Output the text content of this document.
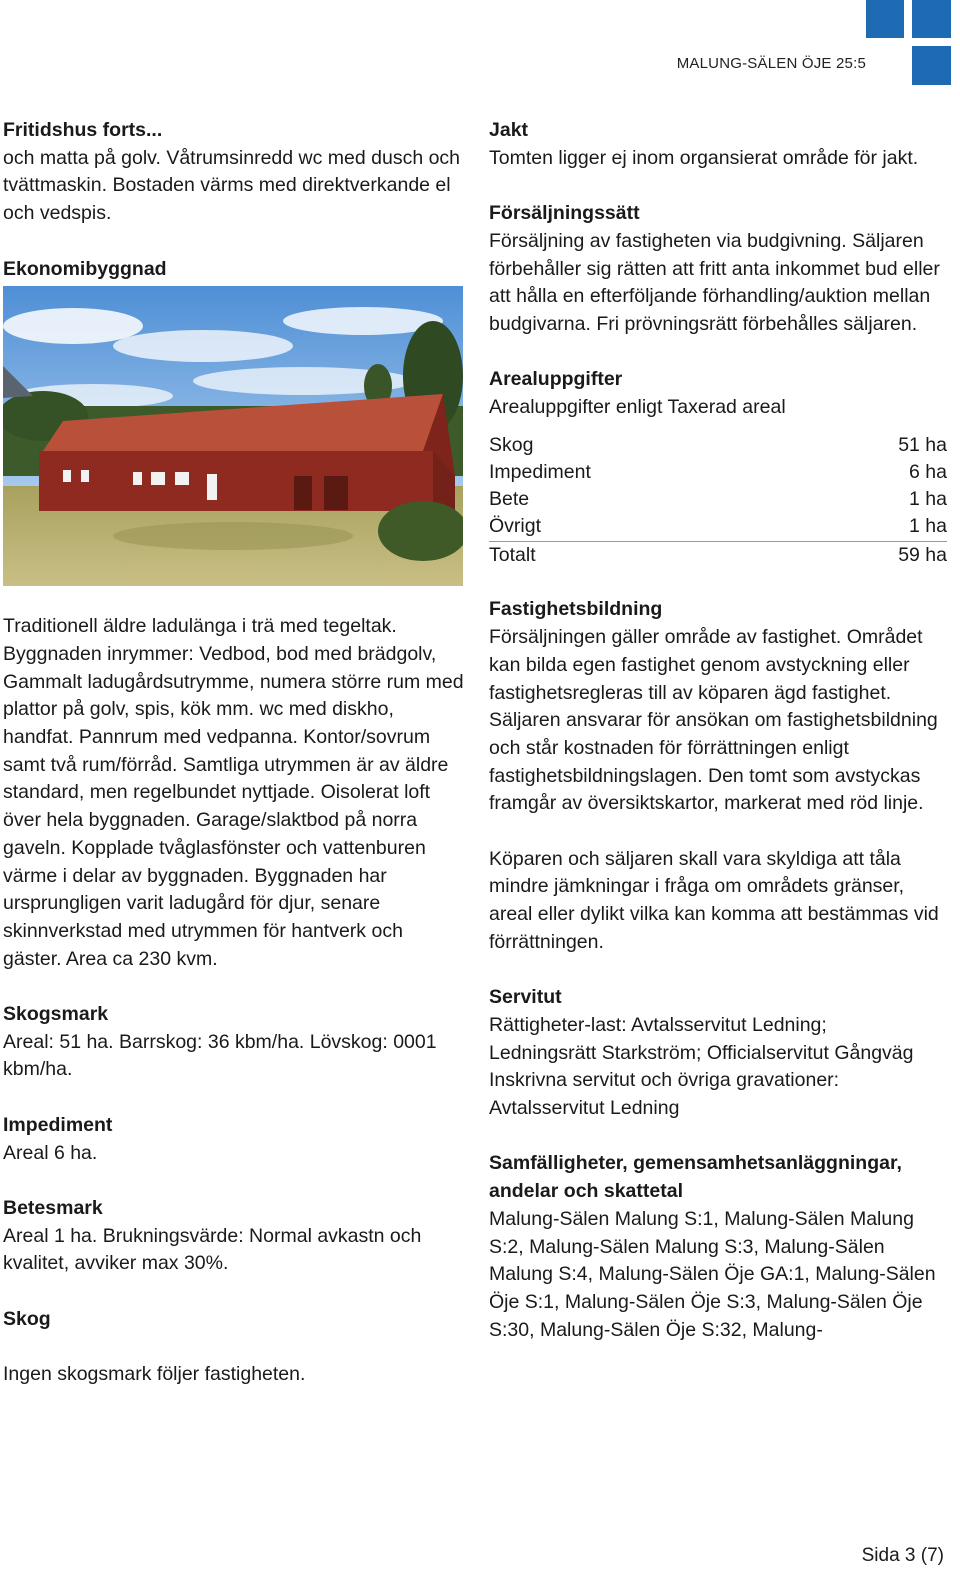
MALUNG-SÄLEN ÖJE 25:5

Fritidshus forts...

och matta på golv. Våtrumsinredd wc med dusch och tvättmaskin. Bostaden värms med direktverkande el och vedspis.

Ekonomibyggnad

Traditionell äldre ladulänga i trä med tegeltak. Byggnaden inrymmer: Vedbod, bod med brädgolv, Gammalt ladugårdsutrymme, numera större rum med plattor på golv, spis, kök mm. wc med diskho, handfat. Pannrum med vedpanna. Kontor/sovrum samt två rum/förråd. Samtliga utrymmen är av äldre standard, men regelbundet nyttjade. Oisolerat loft över hela byggnaden. Garage/slaktbod på norra gaveln. Kopplade tvåglasfönster och vattenburen värme i delar av byggnaden. Byggnaden har ursprungligen varit ladugård för djur, senare skinnverkstad med utrymmen för hantverk och gäster. Area ca 230 kvm.

Skogsmark

Areal: 51 ha. Barrskog: 36 kbm/ha. Lövskog: 0001 kbm/ha.

Impediment

Areal 6 ha.

Betesmark

Areal 1 ha. Brukningsvärde: Normal avkastn och kvalitet, avviker max 30%.

Skog

Ingen skogsmark följer fastigheten.

Jakt

Tomten ligger ej inom organsierat område för jakt.

Försäljningssätt

Försäljning av fastigheten via budgivning. Säljaren förbehåller sig rätten att fritt anta inkommet bud eller att hålla en efterföljande förhandling/auktion mellan budgivarna. Fri prövningsrätt förbehålles säljaren.

Arealuppgifter

Arealuppgifter enligt Taxerad areal

Skog	51 ha
Impediment	6 ha
Bete	1 ha
Övrigt	1 ha
Totalt	59 ha

Fastighetsbildning

Försäljningen gäller område av fastighet. Området kan bilda egen fastighet genom avstyckning eller fastighetsregleras till av köparen ägd fastighet. Säljaren ansvarar för ansökan om fastighetsbildning och står kostnaden för förrättningen enligt fastighetsbildningslagen. Den tomt som avstyckas framgår av översiktskartor, markerat med röd linje.

Köparen och säljaren skall vara skyldiga att tåla mindre jämkningar i fråga om områdets gränser, areal eller dylikt vilka kan komma att bestämmas vid förrättningen.

Servitut

Rättigheter-last: Avtalsservitut Ledning;

Ledningsrätt Starkström; Officialservitut Gångväg

Inskrivna servitut och övriga gravationer:

Avtalsservitut Ledning

Samfälligheter, gemensamhetsanläggningar, andelar och skattetal

Malung-Sälen Malung S:1, Malung-Sälen Malung S:2, Malung-Sälen Malung S:3, Malung-Sälen Malung S:4, Malung-Sälen Öje GA:1, Malung-Sälen Öje S:1, Malung-Sälen Öje S:3, Malung-Sälen Öje S:30, Malung-Sälen Öje S:32, Malung-

Sida 3 (7)
